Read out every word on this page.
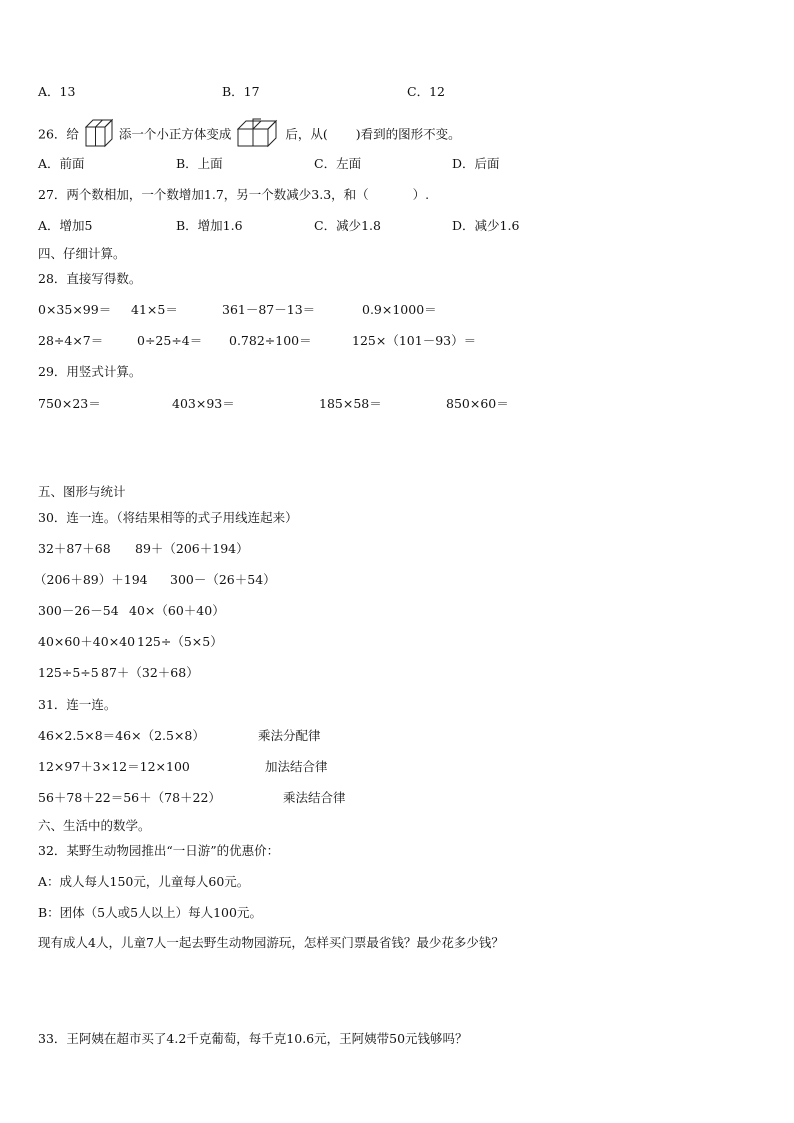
A．13	B．17	C．12
26．给	添一个小正方体变成	后，从( )看到的图形不变。
A．前面	B．上面	C．左面	D．后面
27．两个数相加，一个数增加1.7，另一个数减少3.3，和（	）.
A．增加5	B．增加1.6	C．减少1.8	D．减少1.6
四、仔细计算。
28．直接写得数。
0×35×99＝ 41×5＝	361－87－13＝	0.9×1000＝
28÷4×7＝	0÷25÷4＝ 0.782÷100＝	125×（101－93）＝
29．用竖式计算。
750×23＝	403×93＝	185×58＝	850×60＝
五、图形与统计
30．连一连。（将结果相等的式子用线连起来）
32＋87＋68 89＋（206＋194）
（206＋89）＋194 300－（26＋54）
300－26－54 40×（60＋40）
40×60＋40×40 125÷（5×5）
125÷5÷5 87＋（32＋68）
31．连一连。
46×2.5×8＝46×（2.5×8）	乘法分配律
12×97＋3×12＝12×100	加法结合律
56＋78＋22＝56＋（78＋22）	乘法结合律
六、生活中的数学。
32．某野生动物园推出“一日游”的优惠价：
A：成人每人150元，儿童每人60元。
B：团体（5人或5人以上）每人100元。
现有成人4人，儿童7人一起去野生动物园游玩，怎样买门票最省钱？最少花多少钱？
33．王阿姨在超市买了4.2千克葡萄，每千克10.6元，王阿姨带50元钱够吗？
